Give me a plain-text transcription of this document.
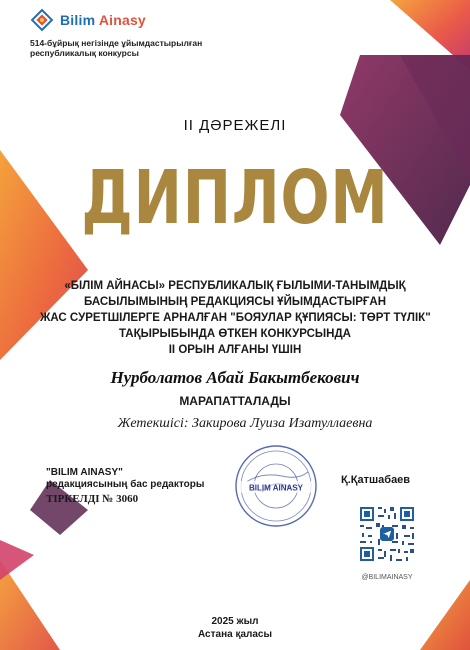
Bilim Ainasy
514-бұйрық негізінде ұйымдастырылған республикалық конкурсы
ІІ ДӘРЕЖЕЛІ
ДИПЛОМ
«БІЛІМ АЙНАСЫ» РЕСПУБЛИКАЛЫҚ ҒЫЛЫМИ-ТАНЫМДЫҚ
БАСЫЛЫМЫНЫҢ РЕДАКЦИЯСЫ ҰЙЫМДАСТЫРҒАН
ЖАС СУРЕТШІЛЕРГЕ АРНАЛҒАН "БОЯУЛАР ҚҰПИЯСЫ: ТӨРТ ТҮЛІК"
ТАҚЫРЫБЫНДА ӨТКЕН КОНКУРСЫНДА
ІІ ОРЫН АЛҒАНЫ ҮШІН
Нурболатов Абай Бакытбекович
МАРАПАТТАЛАДЫ
Жетекшісі: Закирова Луиза Изатуллаевна
"BILIM AINASY" редакциясының бас редакторы
ТІРКЕЛДІ № 3060
BILIM AINASY
Қ.Қатшабаев
@BILIMAINASY
2025 жыл
Астана қаласы
